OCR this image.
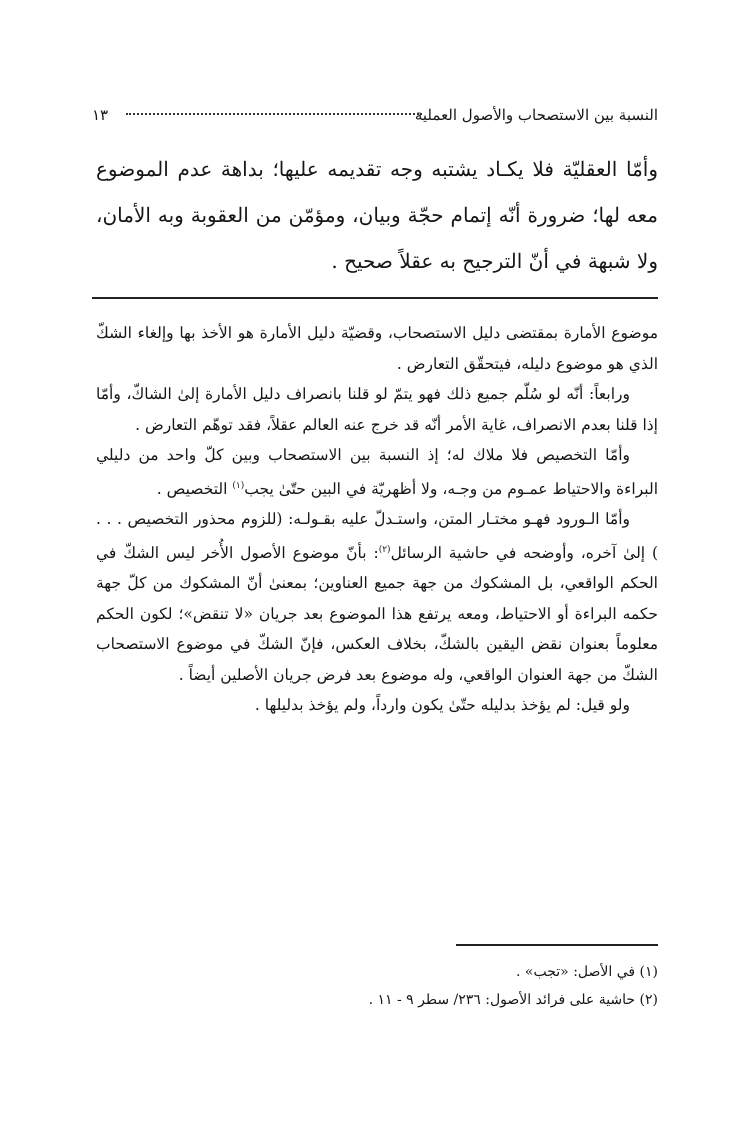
النسبة بين الاستصحاب والأصول العملية
١٣

وأمّا العقليّة فلا يكـاد يشتبه وجه تقديمه عليها؛ بداهة عدم الموضوع معه لها؛ ضرورة أنّه إتمام حجّة وبيان، ومؤمّن من العقوبة وبه الأمان، ولا شبهة في أنّ الترجيح به عقلاً صحيح .

موضوع الأمارة بمقتضى دليل الاستصحاب، وقضيّة دليل الأمارة هو الأخذ بها وإلغاء الشكّ الذي هو موضوع دليله، فيتحقّق التعارض .

ورابعاً: أنّه لو سُلّم جميع ذلك فهو يتمّ لو قلنا بانصراف دليل الأمارة إلىٰ الشاكّ، وأمّا إذا قلنا بعدم الانصراف، غاية الأمر أنّه قد خرج عنه العالم عقلاً، فقد توهّم التعارض .

وأمّا التخصيص فلا ملاك له؛ إذ النسبة بين الاستصحاب وبين كلّ واحد من دليلي البراءة والاحتياط عمـوم من وجـه، ولا أظهريّة في البين حتّىٰ يجب$^{(١)}$ التخصيص .

وأمّا الـورود فهـو مختـار المتن، واستـدلّ عليه بقـولـه: (للزوم محذور التخصيص . . . ) إلىٰ آخره، وأوضحه في حاشية الرسائل$^{(٢)}$: بأنّ موضوع الأصول الأُخر ليس الشكّ في الحكم الواقعي، بل المشكوك من جهة جميع العناوين؛ بمعنىٰ أنّ المشكوك من كلّ جهة حكمه البراءة أو الاحتياط، ومعه يرتفع هذا الموضوع بعد جريان «لا تنقض»؛ لكون الحكم معلوماً بعنوان نقض اليقين بالشكّ، بخلاف العكس، فإنّ الشكّ في موضوع الاستصحاب الشكّ من جهة العنوان الواقعي، وله موضوع بعد فرض جريان الأصلين أيضاً .

ولو قيل: لم يؤخذ بدليله حتّىٰ يكون وارداً، ولم يؤخذ بدليلها .

(١) في الأصل: «تجب» .

(٢) حاشية على فرائد الأصول: ٢٣٦/ سطر ٩ - ١١ .
